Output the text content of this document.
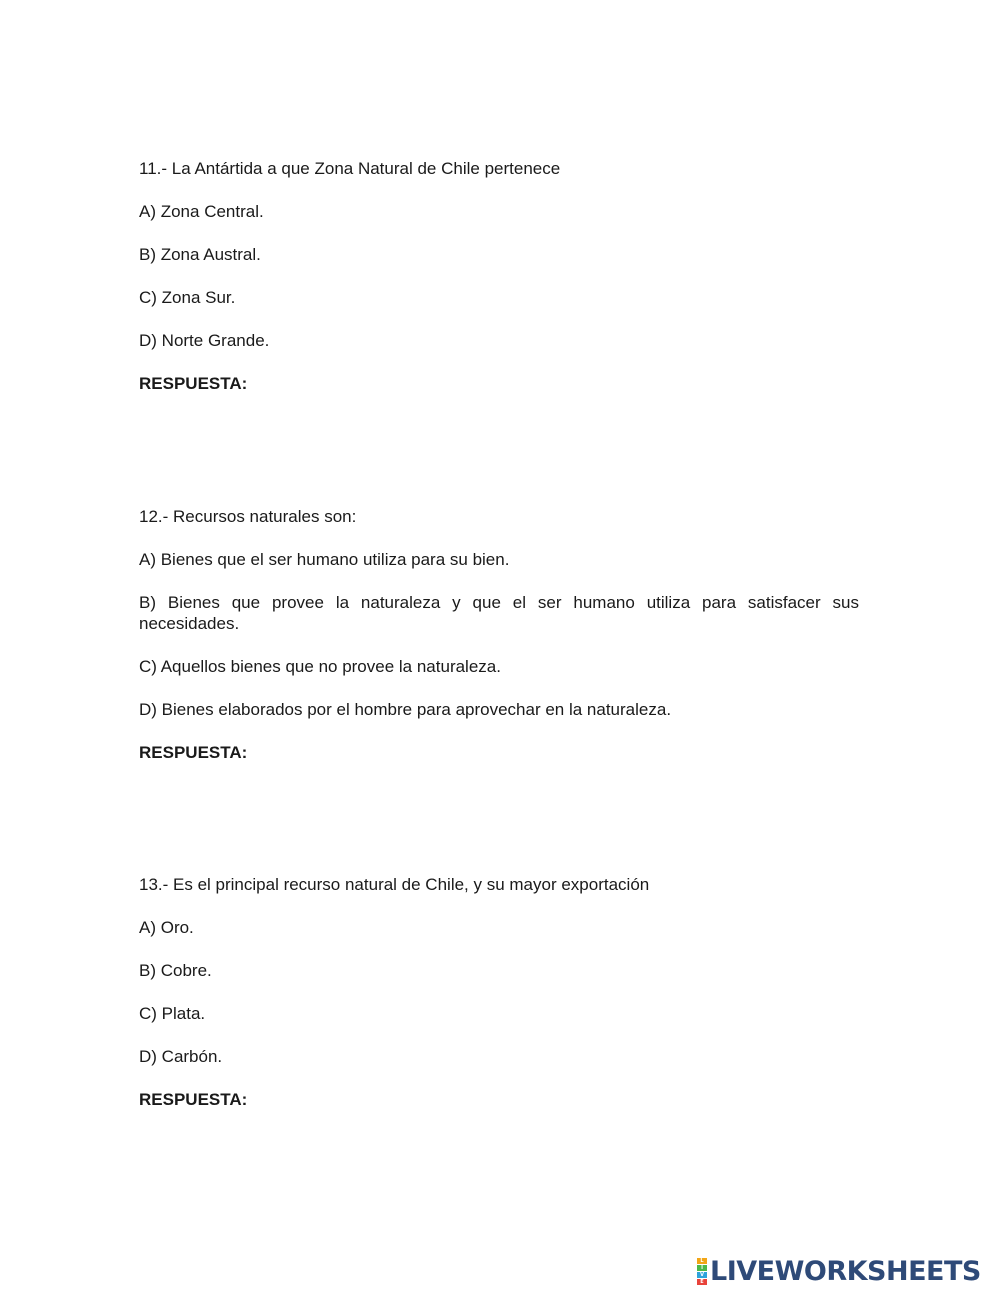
11.- La Antártida a que Zona Natural de Chile pertenece

A) Zona Central.

B) Zona Austral.

C) Zona Sur.

D) Norte Grande.

RESPUESTA:

12.- Recursos naturales son:

A) Bienes que el ser humano utiliza para su bien.

B) Bienes que provee la naturaleza y que el ser humano utiliza para satisfacer sus necesidades.

C) Aquellos bienes que no provee la naturaleza.

D) Bienes elaborados por el hombre para aprovechar en la naturaleza.

RESPUESTA:

13.- Es el principal recurso natural de Chile, y su mayor exportación

A) Oro.

B) Cobre.

C) Plata.

D) Carbón.

RESPUESTA:

L
I
V
E LIVEWORKSHEETS
